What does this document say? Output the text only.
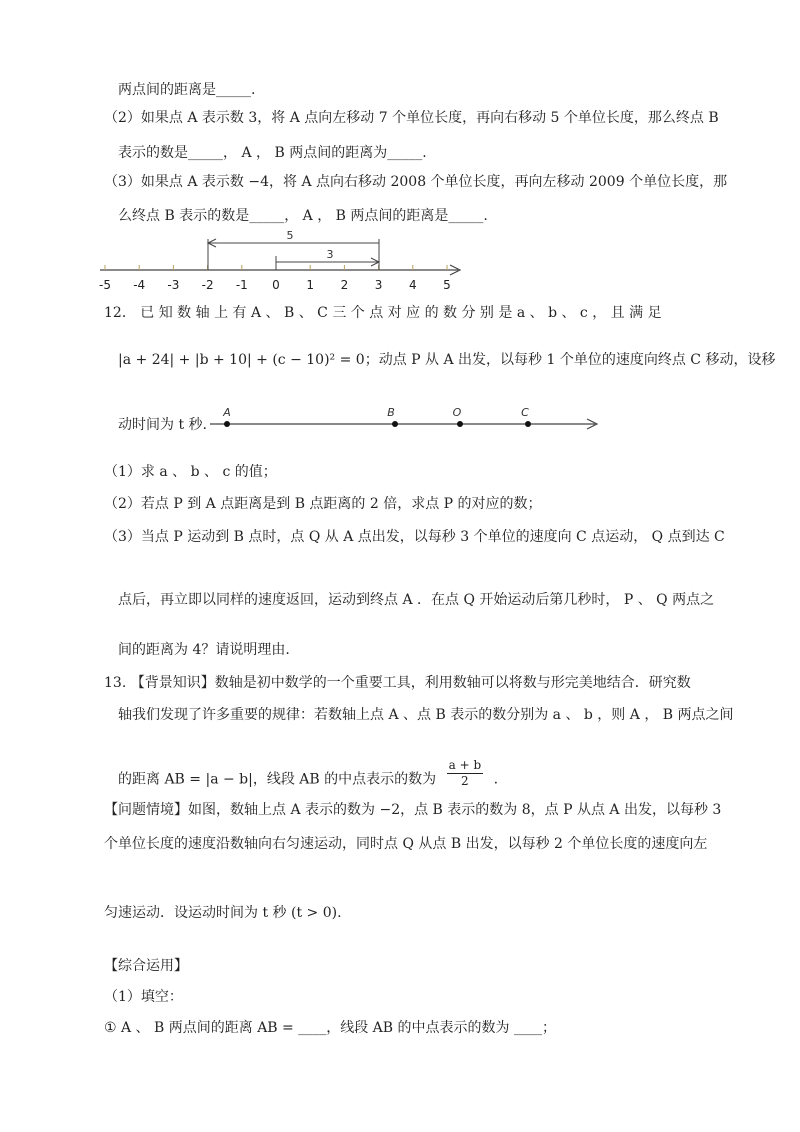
两点间的距离是_____.
（2）如果点 A 表示数 3，将 A 点向左移动 7 个单位长度，再向右移动 5 个单位长度，那么终点 B
表示的数是_____， A ， B 两点间的距离为_____.
（3）如果点 A 表示数 −4，将 A 点向右移动 2008 个单位长度，再向左移动 2009 个单位长度，那
么终点 B 表示的数是_____， A ， B 两点间的距离是_____.
-5 -4 -3 -2 -1 0 1 2 3 4 5
5
3
12． 已 知 数 轴 上 有 A 、 B 、 C 三 个 点 对 应 的 数 分 别 是 a 、 b 、 c ， 且 满 足
|a + 24| + |b + 10| + (c − 10)² = 0；动点 P 从 A 出发，以每秒 1 个单位的速度向终点 C 移动，设移
动时间为 t 秒.
A	B	O	C
（1）求 a 、 b 、 c 的值；
（2）若点 P 到 A 点距离是到 B 点距离的 2 倍，求点 P 的对应的数；
（3）当点 P 运动到 B 点时，点 Q 从 A 点出发，以每秒 3 个单位的速度向 C 点运动， Q 点到达 C
点后，再立即以同样的速度返回，运动到终点 A ．在点 Q 开始运动后第几秒时， P 、 Q 两点之
间的距离为 4？请说明理由.
13. 【背景知识】数轴是初中数学的一个重要工具，利用数轴可以将数与形完美地结合．研究数
轴我们发现了许多重要的规律：若数轴上点 A 、点 B 表示的数分别为 a 、 b ，则 A ， B 两点之间
的距离 AB = |a − b|，线段 AB 的中点表示的数为 $\frac{a + b}{2}$ .
【问题情境】如图，数轴上点 A 表示的数为 −2，点 B 表示的数为 8，点 P 从点 A 出发，以每秒 3
个单位长度的速度沿数轴向右匀速运动，同时点 Q 从点 B 出发，以每秒 2 个单位长度的速度向左
匀速运动．设运动时间为 t 秒 (t > 0).
【综合运用】
（1）填空：
① A 、 B 两点间的距离 AB = ____，线段 AB 的中点表示的数为 ____；
